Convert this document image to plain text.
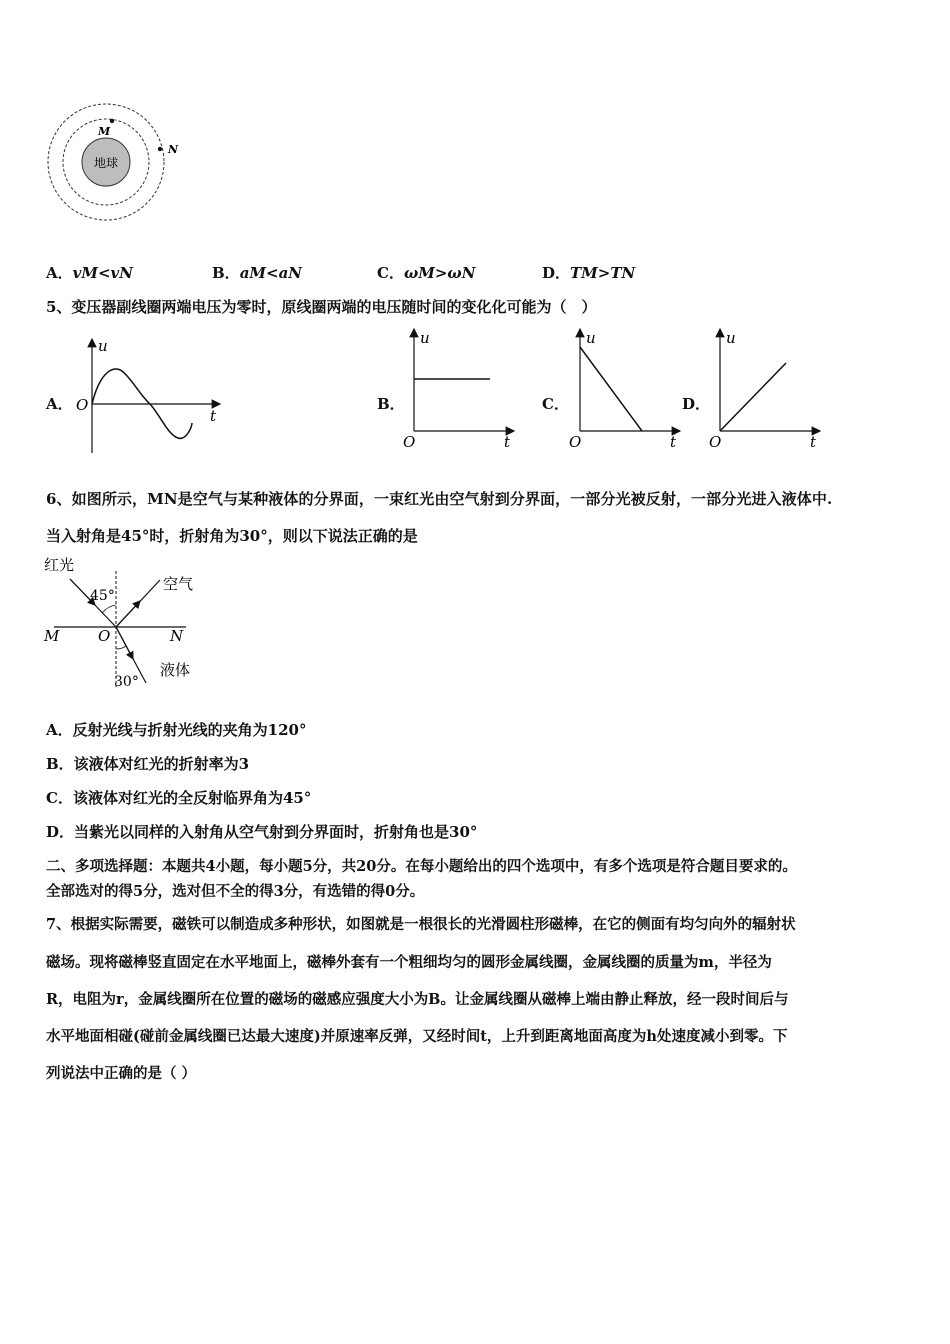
地球
M
N
A．vM<vN	B．aM<aN	C．ωM>ωN	D．TM>TN
5、变压器副线圈两端电压为零时，原线圈两端的电压随时间的变化化可能为（　）
A．	B．	C．	D．
u
O
t
u
O	t
u
O	t
u
O	t
6、如图所示，MN是空气与某种液体的分界面，一束红光由空气射到分界面，一部分光被反射，一部分光进入液体中.
当入射角是45°时，折射角为30°，则以下说法正确的是
红光
空气
液体
45°
30°
M	O	N
A．反射光线与折射光线的夹角为120°
B．该液体对红光的折射率为3
C．该液体对红光的全反射临界角为45°
D．当紫光以同样的入射角从空气射到分界面时，折射角也是30°
二、多项选择题：本题共4小题，每小题5分，共20分。在每小题给出的四个选项中，有多个选项是符合题目要求的。
全部选对的得5分，选对但不全的得3分，有选错的得0分。
7、根据实际需要，磁铁可以制造成多种形状，如图就是一根很长的光滑圆柱形磁棒，在它的侧面有均匀向外的辐射状
磁场。现将磁棒竖直固定在水平地面上，磁棒外套有一个粗细均匀的圆形金属线圈，金属线圈的质量为m，半径为
R，电阻为r，金属线圈所在位置的磁场的磁感应强度大小为B。让金属线圈从磁棒上端由静止释放，经一段时间后与
水平地面相碰(碰前金属线圈已达最大速度)并原速率反弹，又经时间t，上升到距离地面高度为h处速度减小到零。下
列说法中正确的是（ ）
